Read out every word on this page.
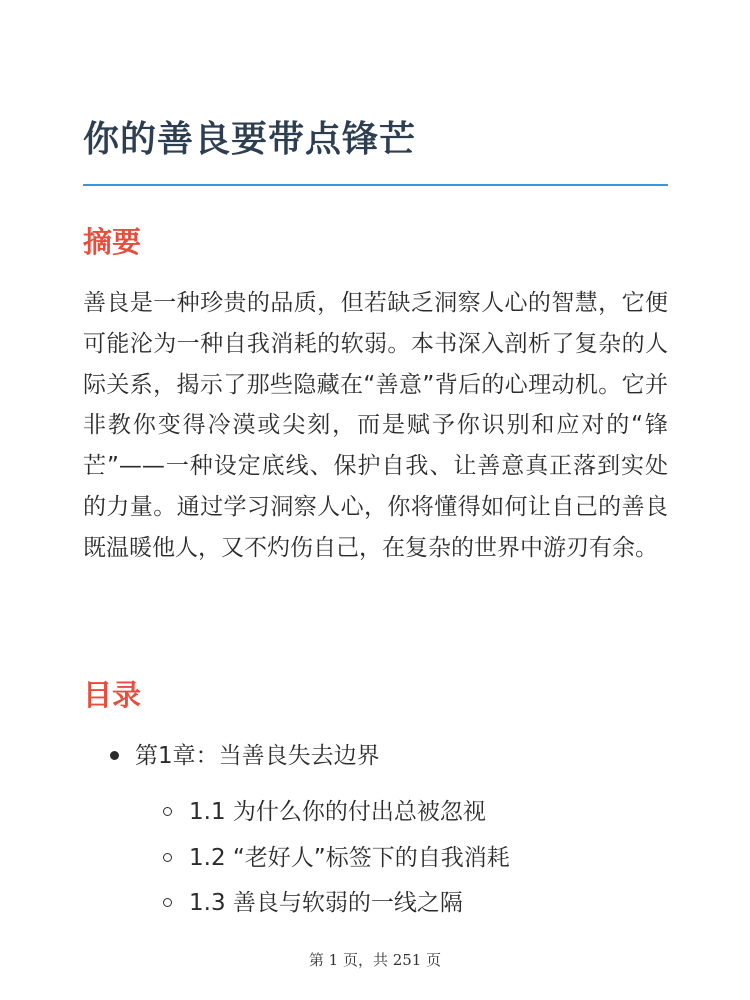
你的善良要带点锋芒
摘要
善良是一种珍贵的品质，但若缺乏洞察人心的智慧，它便可能沦为一种自我消耗的软弱。本书深入剖析了复杂的人际关系，揭示了那些隐藏在“善意”背后的心理动机。它并非教你变得冷漠或尖刻，而是赋予你识别和应对的“锋芒”——一种设定底线、保护自我、让善意真正落到实处的力量。通过学习洞察人心，你将懂得如何让自己的善良既温暖他人，又不灼伤自己，在复杂的世界中游刃有余。
目录
第1章：当善良失去边界
1.1 为什么你的付出总被忽视
1.2 “老好人”标签下的自我消耗
1.3 善良与软弱的一线之隔
第 1 页，共 251 页
